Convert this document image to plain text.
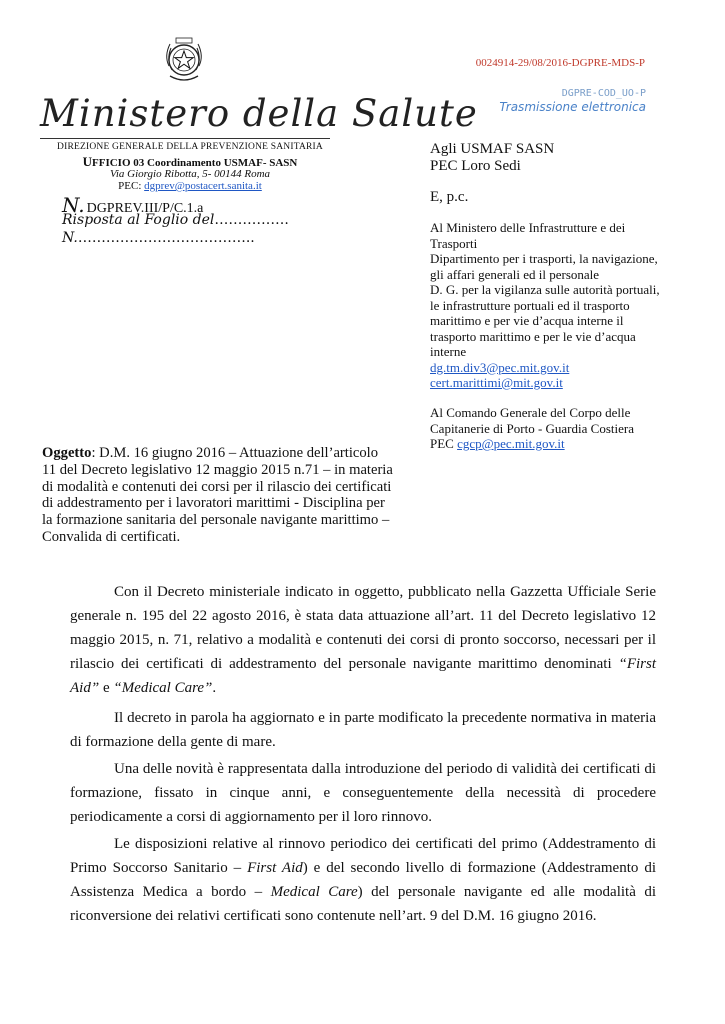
Ministero della Salute
DIREZIONE GENERALE DELLA PREVENZIONE SANITARIA
UFFICIO 03 Coordinamento USMAF- SASN
Via Giorgio Ribotta, 5- 00144 Roma
PEC: dgprev@postacert.sanita.it
N. DGPREV.III/P/C.1.a
Risposta al Foglio del…………….
N.………………………………..
0024914-29/08/2016-DGPRE-MDS-P
DGPRE-COD_UO-P
Trasmissione elettronica
Agli USMAF SASN
PEC Loro Sedi
E, p.c.
Al Ministero delle Infrastrutture e dei
Trasporti
Dipartimento per i trasporti, la navigazione,
gli affari generali ed il personale
D. G. per la vigilanza sulle autorità portuali,
le infrastrutture portuali ed il trasporto
marittimo e per vie d’acqua interne il
trasporto marittimo e per le vie d’acqua
interne
dg.tm.div3@pec.mit.gov.it
cert.marittimi@mit.gov.it
Al Comando Generale del Corpo delle
Capitanerie di Porto - Guardia Costiera
PEC cgcp@pec.mit.gov.it
Oggetto: D.M. 16 giugno 2016 – Attuazione dell’articolo
11 del Decreto legislativo 12 maggio 2015 n.71 – in materia
di modalità e contenuti dei corsi per il rilascio dei certificati
di addestramento per i lavoratori marittimi - Disciplina per
la formazione sanitaria del personale navigante marittimo –
Convalida di certificati.

Con il Decreto ministeriale indicato in oggetto, pubblicato nella Gazzetta Ufficiale Serie generale n. 195 del 22 agosto 2016, è stata data attuazione all’art. 11 del Decreto legislativo 12 maggio 2015, n. 71, relativo a modalità e contenuti dei corsi di pronto soccorso, necessari per il rilascio dei certificati di addestramento del personale navigante marittimo denominati “First Aid” e “Medical Care”.

Il decreto in parola ha aggiornato e in parte modificato la precedente normativa in materia di formazione della gente di mare.

Una delle novità è rappresentata dalla introduzione del periodo di validità dei certificati di formazione, fissato in cinque anni, e conseguentemente della necessità di procedere periodicamente a corsi di aggiornamento per il loro rinnovo.

Le disposizioni relative al rinnovo periodico dei certificati del primo (Addestramento di Primo Soccorso Sanitario – First Aid) e del secondo livello di formazione (Addestramento di Assistenza Medica a bordo – Medical Care) del personale navigante ed alle modalità di riconversione dei relativi certificati sono contenute nell’art. 9 del D.M. 16 giugno 2016.
